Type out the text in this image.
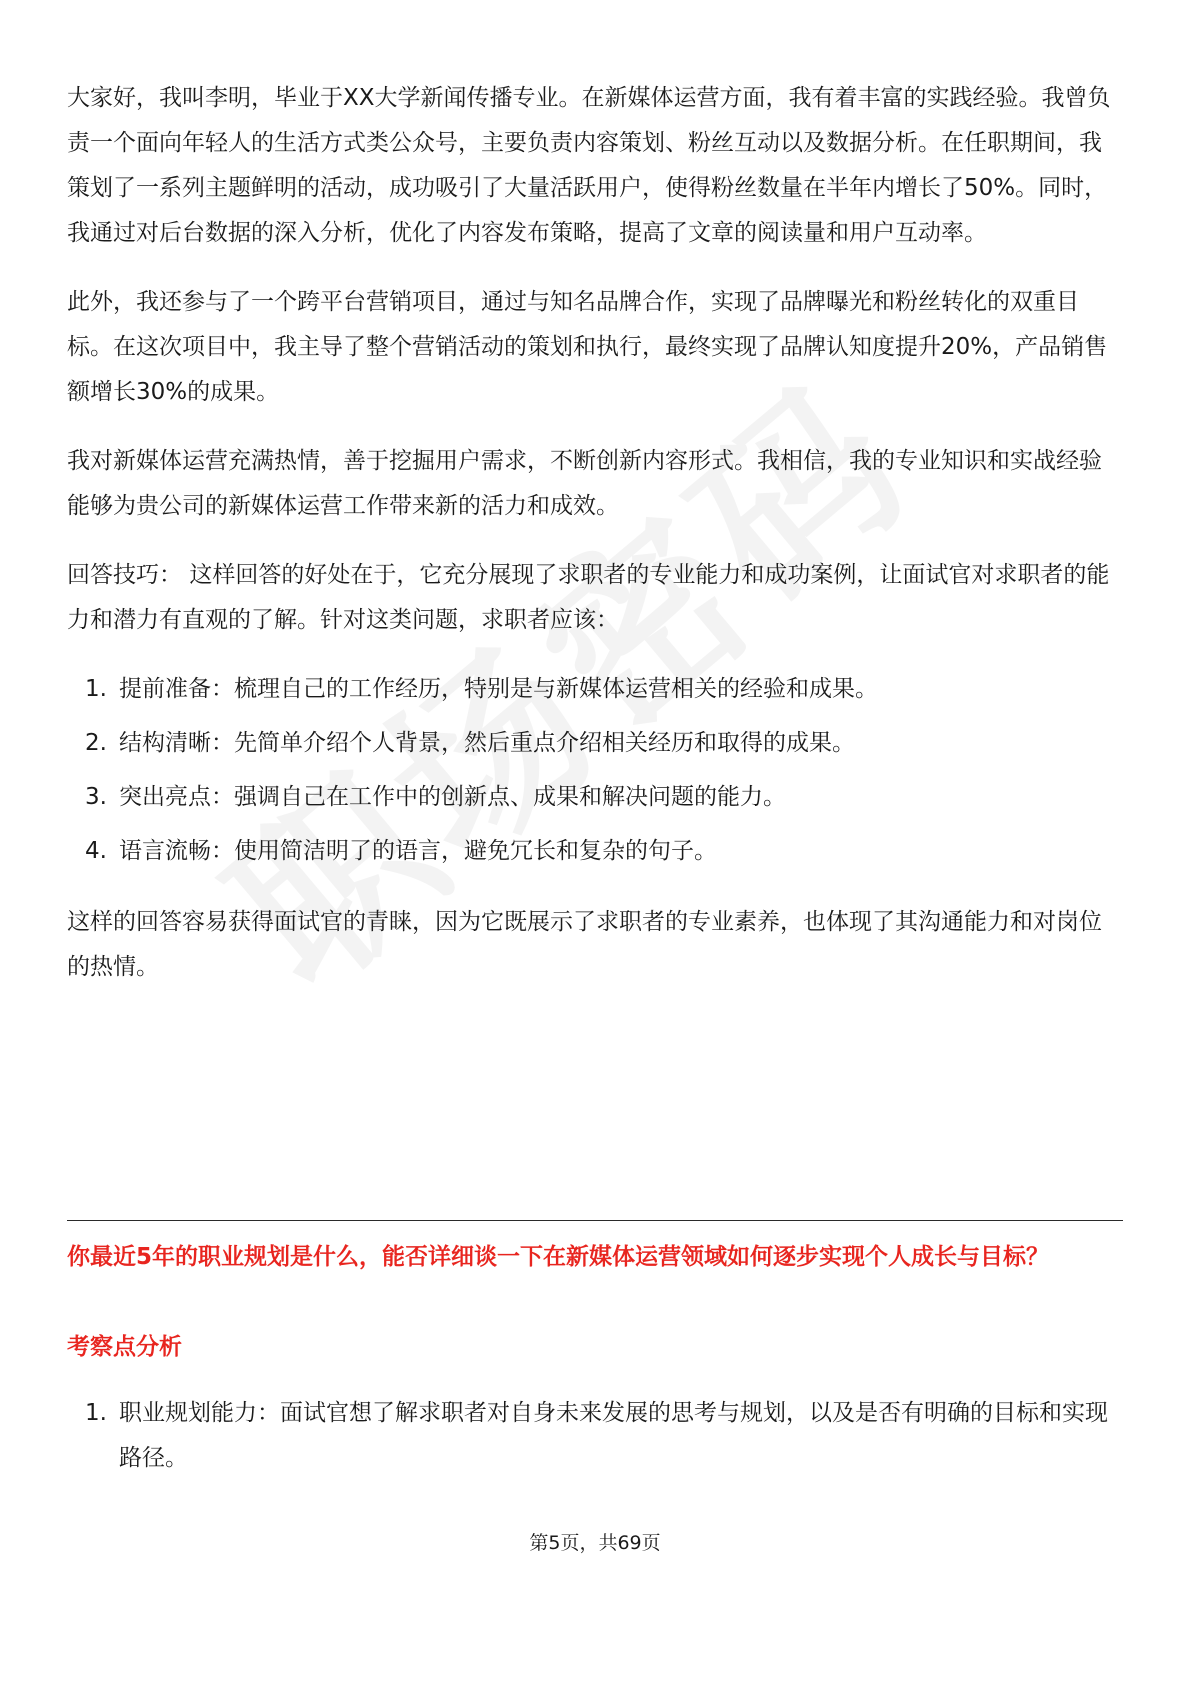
大家好，我叫李明，毕业于XX大学新闻传播专业。在新媒体运营方面，我有着丰富的实践经验。我曾负责一个面向年轻人的生活方式类公众号，主要负责内容策划、粉丝互动以及数据分析。在任职期间，我策划了一系列主题鲜明的活动，成功吸引了大量活跃用户，使得粉丝数量在半年内增长了50%。同时，我通过对后台数据的深入分析，优化了内容发布策略，提高了文章的阅读量和用户互动率。

此外，我还参与了一个跨平台营销项目，通过与知名品牌合作，实现了品牌曝光和粉丝转化的双重目标。在这次项目中，我主导了整个营销活动的策划和执行，最终实现了品牌认知度提升20%，产品销售额增长30%的成果。

我对新媒体运营充满热情，善于挖掘用户需求，不断创新内容形式。我相信，我的专业知识和实战经验能够为贵公司的新媒体运营工作带来新的活力和成效。

回答技巧： 这样回答的好处在于，它充分展现了求职者的专业能力和成功案例，让面试官对求职者的能力和潜力有直观的了解。针对这类问题，求职者应该：

1. 提前准备： 梳理自己的工作经历，特别是与新媒体运营相关的经验和成果。
2. 结构清晰： 先简单介绍个人背景，然后重点介绍相关经历和取得的成果。
3. 突出亮点： 强调自己在工作中的创新点、成果和解决问题的能力。
4. 语言流畅： 使用简洁明了的语言，避免冗长和复杂的句子。

这样的回答容易获得面试官的青睐，因为它既展示了求职者的专业素养，也体现了其沟通能力和对岗位的热情。

你最近5年的职业规划是什么，能否详细谈一下在新媒体运营领域如何逐步实现个人成长与目标？
考察点分析
1. 职业规划能力：面试官想了解求职者对自身未来发展的思考与规划，以及是否有明确的目标和实现路径。
第5页，共69页
